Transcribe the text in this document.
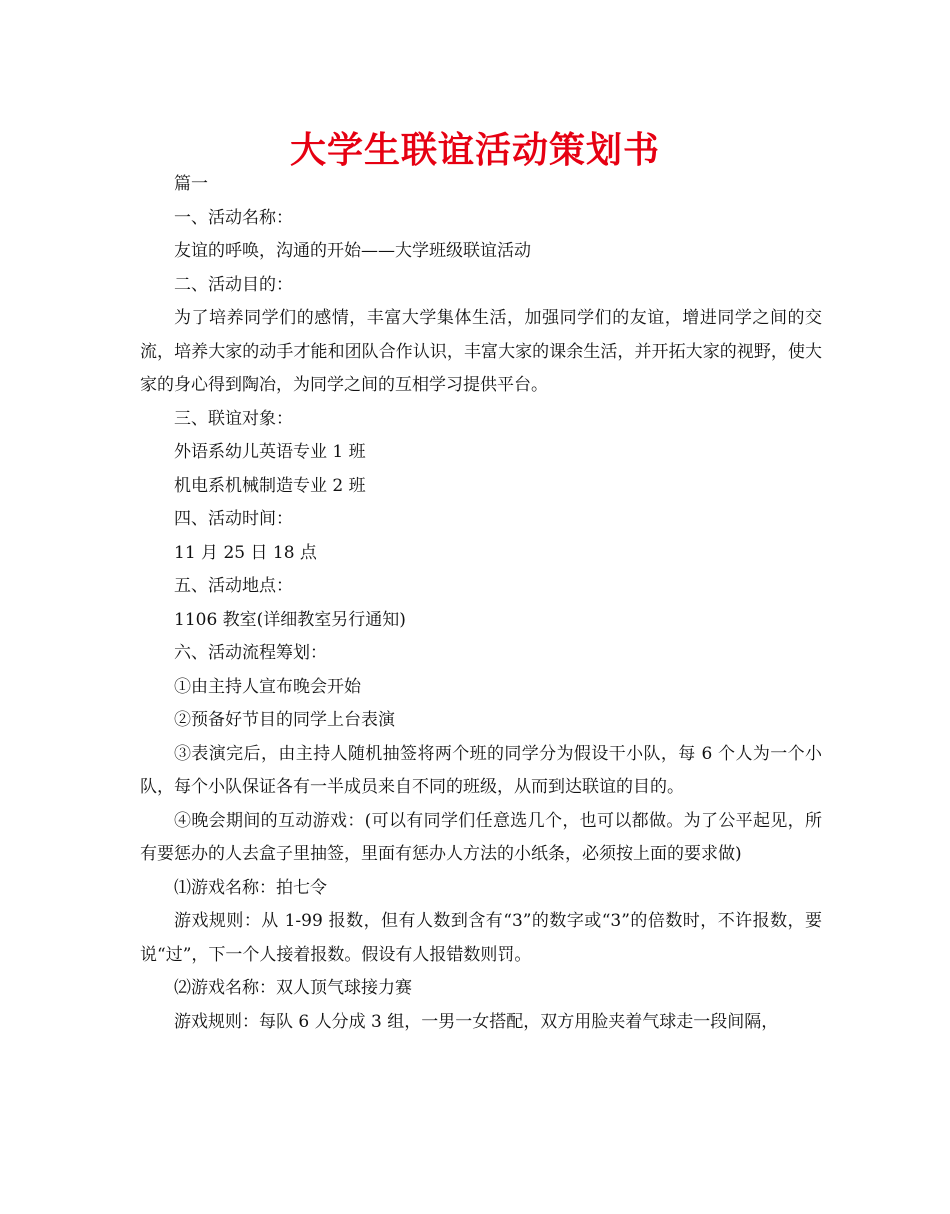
大学生联谊活动策划书

篇一

一、活动名称：

友谊的呼唤，沟通的开始——大学班级联谊活动

二、活动目的：

为了培养同学们的感情，丰富大学集体生活，加强同学们的友谊，增进同学之间的交流，培养大家的动手才能和团队合作认识，丰富大家的课余生活，并开拓大家的视野，使大家的身心得到陶冶，为同学之间的互相学习提供平台。

三、联谊对象：

外语系幼儿英语专业 1 班

机电系机械制造专业 2 班

四、活动时间：

11 月 25 日 18 点

五、活动地点：

1106 教室(详细教室另行通知)

六、活动流程筹划：

①由主持人宣布晚会开始

②预备好节目的同学上台表演

③表演完后，由主持人随机抽签将两个班的同学分为假设干小队，每 6 个人为一个小队，每个小队保证各有一半成员来自不同的班级，从而到达联谊的目的。

④晚会期间的互动游戏：(可以有同学们任意选几个，也可以都做。为了公平起见，所有要惩办的人去盒子里抽签，里面有惩办人方法的小纸条，必须按上面的要求做)

⑴游戏名称：拍七令

游戏规则：从 1-99 报数，但有人数到含有“3”的数字或“3”的倍数时，不许报数，要说“过”，下一个人接着报数。假设有人报错数则罚。

⑵游戏名称：双人顶气球接力赛

游戏规则：每队 6 人分成 3 组，一男一女搭配，双方用脸夹着气球走一段间隔，
